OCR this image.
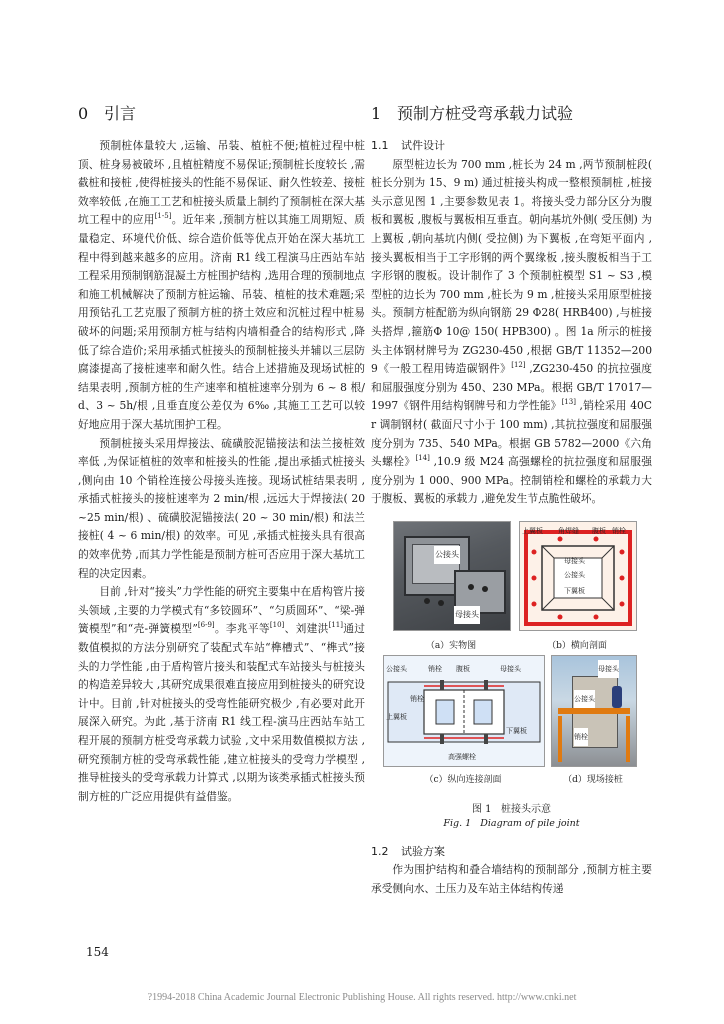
0 引言

预制桩体量较大 ,运输、吊装、植桩不便;植桩过程中桩顶、桩身易被破坏 ,且植桩精度不易保证;预制桩长度较长 ,需截桩和接桩 ,使得桩接头的性能不易保证、耐久性较差、接桩效率较低 ,在施工工艺和桩接头质量上制约了预制桩在深大基坑工程中的应用[1-5]。近年来 ,预制方桩以其施工周期短、质量稳定、环境代价低、综合造价低等优点开始在深大基坑工程中得到越来越多的应用。济南 R1 线工程演马庄西站车站工程采用预制钢筋混凝土方桩围护结构 ,选用合理的预制地点和施工机械解决了预制方桩运输、吊装、植桩的技术难题;采用预钻孔工艺克服了预制方桩的挤土效应和沉桩过程中桩易破坏的问题;采用预制方桩与结构内墙相叠合的结构形式 ,降低了综合造价;采用承插式桩接头的预制桩接头并辅以三层防腐漆提高了接桩速率和耐久性。结合上述措施及现场试桩的结果表明 ,预制方桩的生产速率和植桩速率分别为 6 ~ 8 根/d、3 ~ 5h/根 ,且垂直度公差仅为 6‰ ,其施工工艺可以较好地应用于深大基坑围护工程。

预制桩接头采用焊接法、硫磺胶泥锚接法和法兰接桩效率低 ,为保证植桩的效率和桩接头的性能 ,提出承插式桩接头 ,侧向由 10 个销栓连接公母接头连接。现场试桩结果表明 ,承插式桩接头的接桩速率为 2 min/根 ,远远大于焊接法( 20 ~25 min/根) 、硫磺胶泥锚接法( 20 ~ 30 min/根) 和法兰接桩( 4 ~ 6 min/根) 的效率。可见 ,承插式桩接头具有很高的效率优势 ,而其力学性能是预制方桩可否应用于深大基坑工程的决定因素。

目前 ,针对“接头”力学性能的研究主要集中在盾构管片接头领域 ,主要的力学模式有“多铰圆环”、“匀质圆环”、“梁-弹簧模型”和“壳-弹簧模型”[6-9]。李兆平等[10]、刘建洪[11]通过数值模拟的方法分别研究了装配式车站“榫槽式”、“榫式”接头的力学性能 ,由于盾构管片接头和装配式车站接头与桩接头的构造差异较大 ,其研究成果很难直接应用到桩接头的研究设计中。目前 ,针对桩接头的受弯性能研究极少 ,有必要对此开展深入研究。为此 ,基于济南 R1 线工程-演马庄西站车站工程开展的预制方桩受弯承载力试验 ,文中采用数值模拟方法 ,研究预制方桩的受弯承载性能 ,建立桩接头的受弯力学模型 ,推导桩接头的受弯承载力计算式 ,以期为该类承插式桩接头预制方桩的广泛应用提供有益借鉴。

1 预制方桩受弯承载力试验
1.1 试件设计

原型桩边长为 700 mm ,桩长为 24 m ,两节预制桩段( 桩长分别为 15、9 m) 通过桩接头构成一整根预制桩 ,桩接头示意见图 1 ,主要参数见表 1。将接头受力部分区分为腹板和翼板 ,腹板与翼板相互垂直。朝向基坑外侧( 受压侧) 为上翼板 ,朝向基坑内侧( 受拉侧) 为下翼板 ,在弯矩平面内 ,接头翼板相当于工字形钢的两个翼缘板 ,接头腹板相当于工字形钢的腹板。设计制作了 3 个预制桩模型 S1 ~ S3 ,模型桩的边长为 700 mm ,桩长为 9 m ,桩接头采用原型桩接头。预制方桩配筋为纵向钢筋 29 Φ28( HRB400) ,与桩接头搭焊 ,箍筋Φ 10@ 150( HPB300) 。图 1a 所示的桩接头主体钢材牌号为 ZG230-450 ,根据 GB/T 11352—2009《一般工程用铸造碳钢件》[12] ,ZG230-450 的抗拉强度和屈服强度分别为 450、230 MPa。根据 GB/T 17017—1997《钢件用结构钢牌号和力学性能》[13] ,销栓采用 40Cr 调制钢材( 截面尺寸小于 100 mm) ,其抗拉强度和屈服强度分别为 735、540 MPa。根据 GB 5782—2000《六角头螺栓》[14] ,10.9 级 M24 高强螺栓的抗拉强度和屈服强度分别为 1 000、900 MPa。控制销栓和螺栓的承载力大于腹板、翼板的承载力 ,避免发生节点脆性破坏。

公接头
母接头
（a）实物图
上翼板 角焊缝 腹板 销栓
公接头
母接头
下翼板
（b）横向剖面
公接头	销栓 腹板	母接头
上翼板
销栓
高强螺栓
下翼板
（c）纵向连接剖面
母接头
公接头
销栓
（d）现场接桩
图 1 桩接头示意
Fig. 1 Diagram of pile joint
1.2 试验方案

作为围护结构和叠合墙结构的预制部分 ,预制方桩主要承受侧向水、土压力及车站主体结构传递

154
?1994-2018 China Academic Journal Electronic Publishing House. All rights reserved. http://www.cnki.net
